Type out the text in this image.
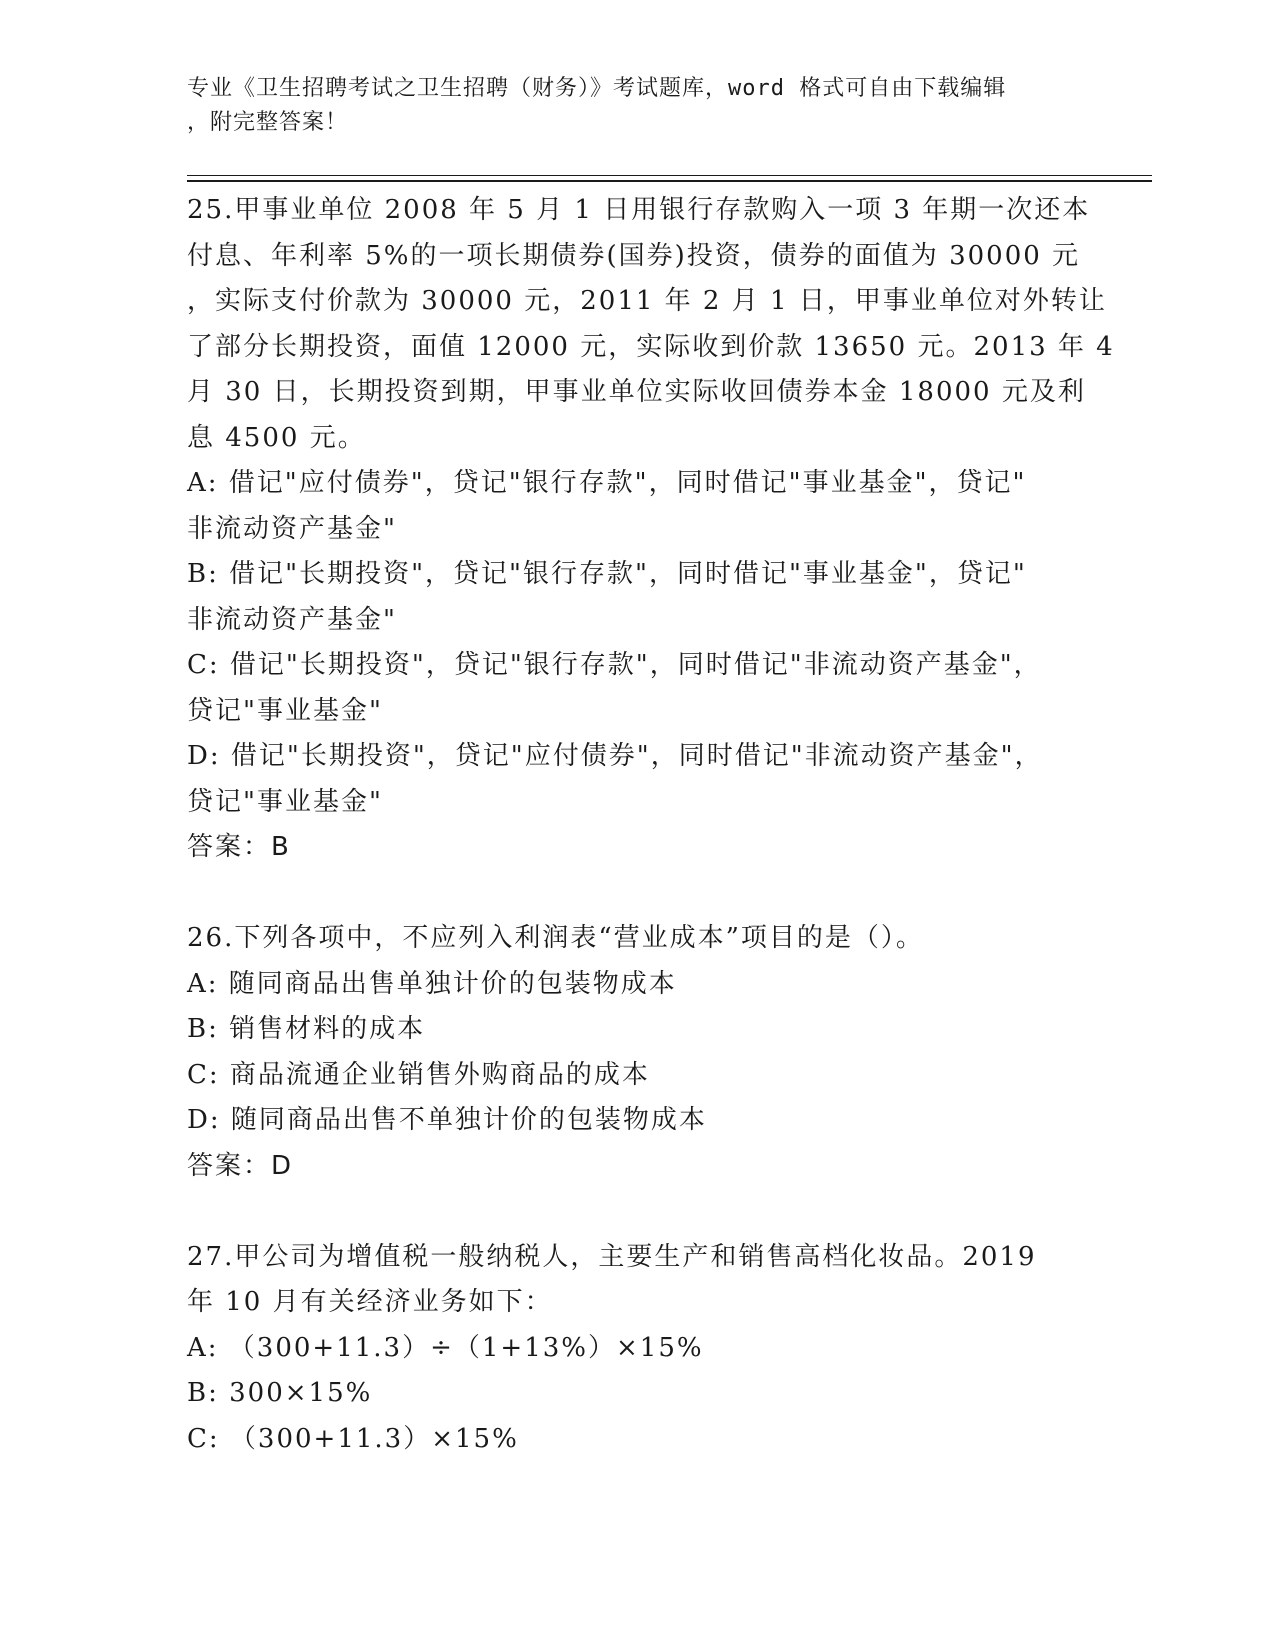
专业《卫生招聘考试之卫生招聘（财务）》考试题库，word 格式可自由下载编辑
，附完整答案！
25.甲事业单位 2008 年 5 月 1 日用银行存款购入一项 3 年期一次还本
付息、年利率 5%的一项长期债券(国券)投资，债券的面值为 30000 元
，实际支付价款为 30000 元，2011 年 2 月 1 日，甲事业单位对外转让
了部分长期投资，面值 12000 元，实际收到价款 13650 元。2013 年 4
月 30 日，长期投资到期，甲事业单位实际收回债券本金 18000 元及利
息 4500 元。
A: 借记"应付债券"，贷记"银行存款"，同时借记"事业基金"，贷记"
非流动资产基金"
B: 借记"长期投资"，贷记"银行存款"，同时借记"事业基金"，贷记"
非流动资产基金"
C: 借记"长期投资"，贷记"银行存款"，同时借记"非流动资产基金"，
贷记"事业基金"
D: 借记"长期投资"，贷记"应付债券"，同时借记"非流动资产基金"，
贷记"事业基金"
答案：B
26.下列各项中，不应列入利润表“营业成本”项目的是（）。
A: 随同商品出售单独计价的包装物成本
B: 销售材料的成本
C: 商品流通企业销售外购商品的成本
D: 随同商品出售不单独计价的包装物成本
答案：D
27.甲公司为增值税一般纳税人，主要生产和销售高档化妆品。2019
年 10 月有关经济业务如下：
A: （300+11.3）÷（1+13%）×15%
B: 300×15%
C: （300+11.3）×15%
